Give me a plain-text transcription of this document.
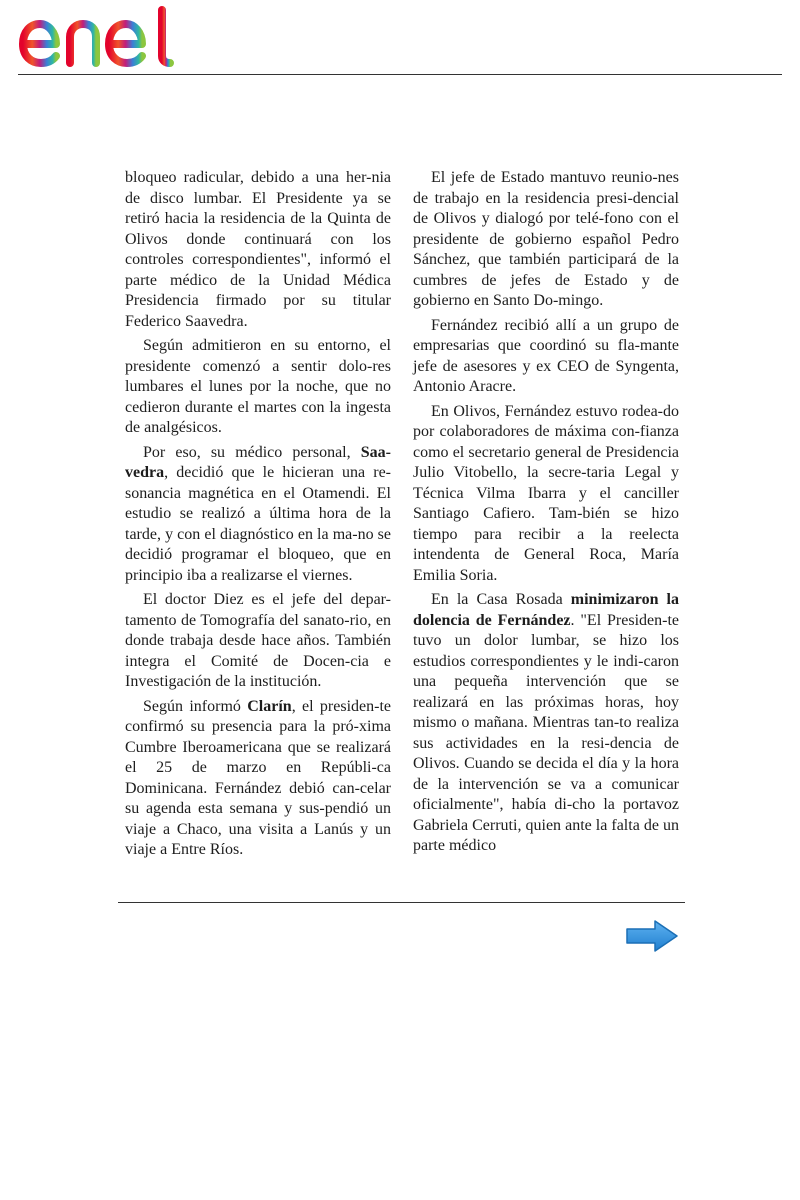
bloqueo radicular, debido a una her-nia de disco lumbar. El Presidente ya se retiró hacia la residencia de la Quinta de Olivos donde continuará con los controles correspondientes", informó el parte médico de la Unidad Médica Presidencia firmado por su titular Federico Saavedra.

Según admitieron en su entorno, el presidente comenzó a sentir dolo-res lumbares el lunes por la noche, que no cedieron durante el martes con la ingesta de analgésicos.

Por eso, su médico personal, Saa-vedra, decidió que le hicieran una re-sonancia magnética en el Otamendi. El estudio se realizó a última hora de la tarde, y con el diagnóstico en la ma-no se decidió programar el bloqueo, que en principio iba a realizarse el viernes.

El doctor Diez es el jefe del depar-tamento de Tomografía del sanato-rio, en donde trabaja desde hace años. También integra el Comité de Docen-cia e Investigación de la institución.

Según informó Clarín, el presiden-te confirmó su presencia para la pró-xima Cumbre Iberoamericana que se realizará el 25 de marzo en Repúbli-ca Dominicana. Fernández debió can-celar su agenda esta semana y sus-pendió un viaje a Chaco, una visita a Lanús y un viaje a Entre Ríos.

El jefe de Estado mantuvo reunio-nes de trabajo en la residencia presi-dencial de Olivos y dialogó por telé-fono con el presidente de gobierno español Pedro Sánchez, que también participará de la cumbres de jefes de Estado y de gobierno en Santo Do-mingo.

Fernández recibió allí a un grupo de empresarias que coordinó su fla-mante jefe de asesores y ex CEO de Syngenta, Antonio Aracre.

En Olivos, Fernández estuvo rodea-do por colaboradores de máxima con-fianza como el secretario general de Presidencia Julio Vitobello, la secre-taria Legal y Técnica Vilma Ibarra y el canciller Santiago Cafiero. Tam-bién se hizo tiempo para recibir a la reelecta intendenta de General Roca, María Emilia Soria.

En la Casa Rosada minimizaron la dolencia de Fernández. "El Presiden-te tuvo un dolor lumbar, se hizo los estudios correspondientes y le indi-caron una pequeña intervención que se realizará en las próximas horas, hoy mismo o mañana. Mientras tan-to realiza sus actividades en la resi-dencia de Olivos. Cuando se decida el día y la hora de la intervención se va a comunicar oficialmente", había di-cho la portavoz Gabriela Cerruti, quien ante la falta de un parte médico
